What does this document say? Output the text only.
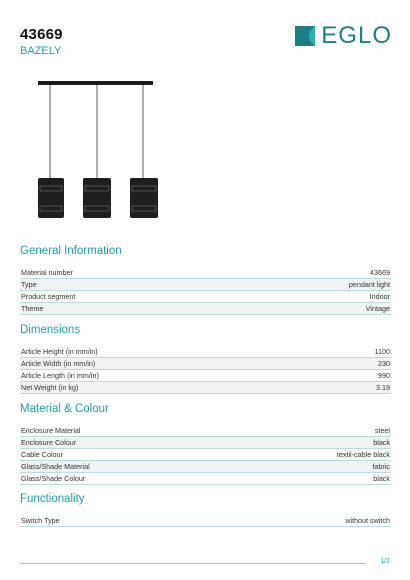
43669
BAZELY
EGLO
General Information
Material number	43669
Type	pendant light
Product segment	Indoor
Theme	Vintage
Dimensions
Article Height (in mm/in)	1100
Article Width (in mm/in)	230
Article Length (in mm/in)	990
Net Weight (in kg)	3.19
Material & Colour
Enclosure Material	steel
Enclosure Colour	black
Cable Colour	textil-cable black
Glass/Shade Material	fabric
Glass/Shade Colour	black
Functionality
Switch Type	without switch
1/2
